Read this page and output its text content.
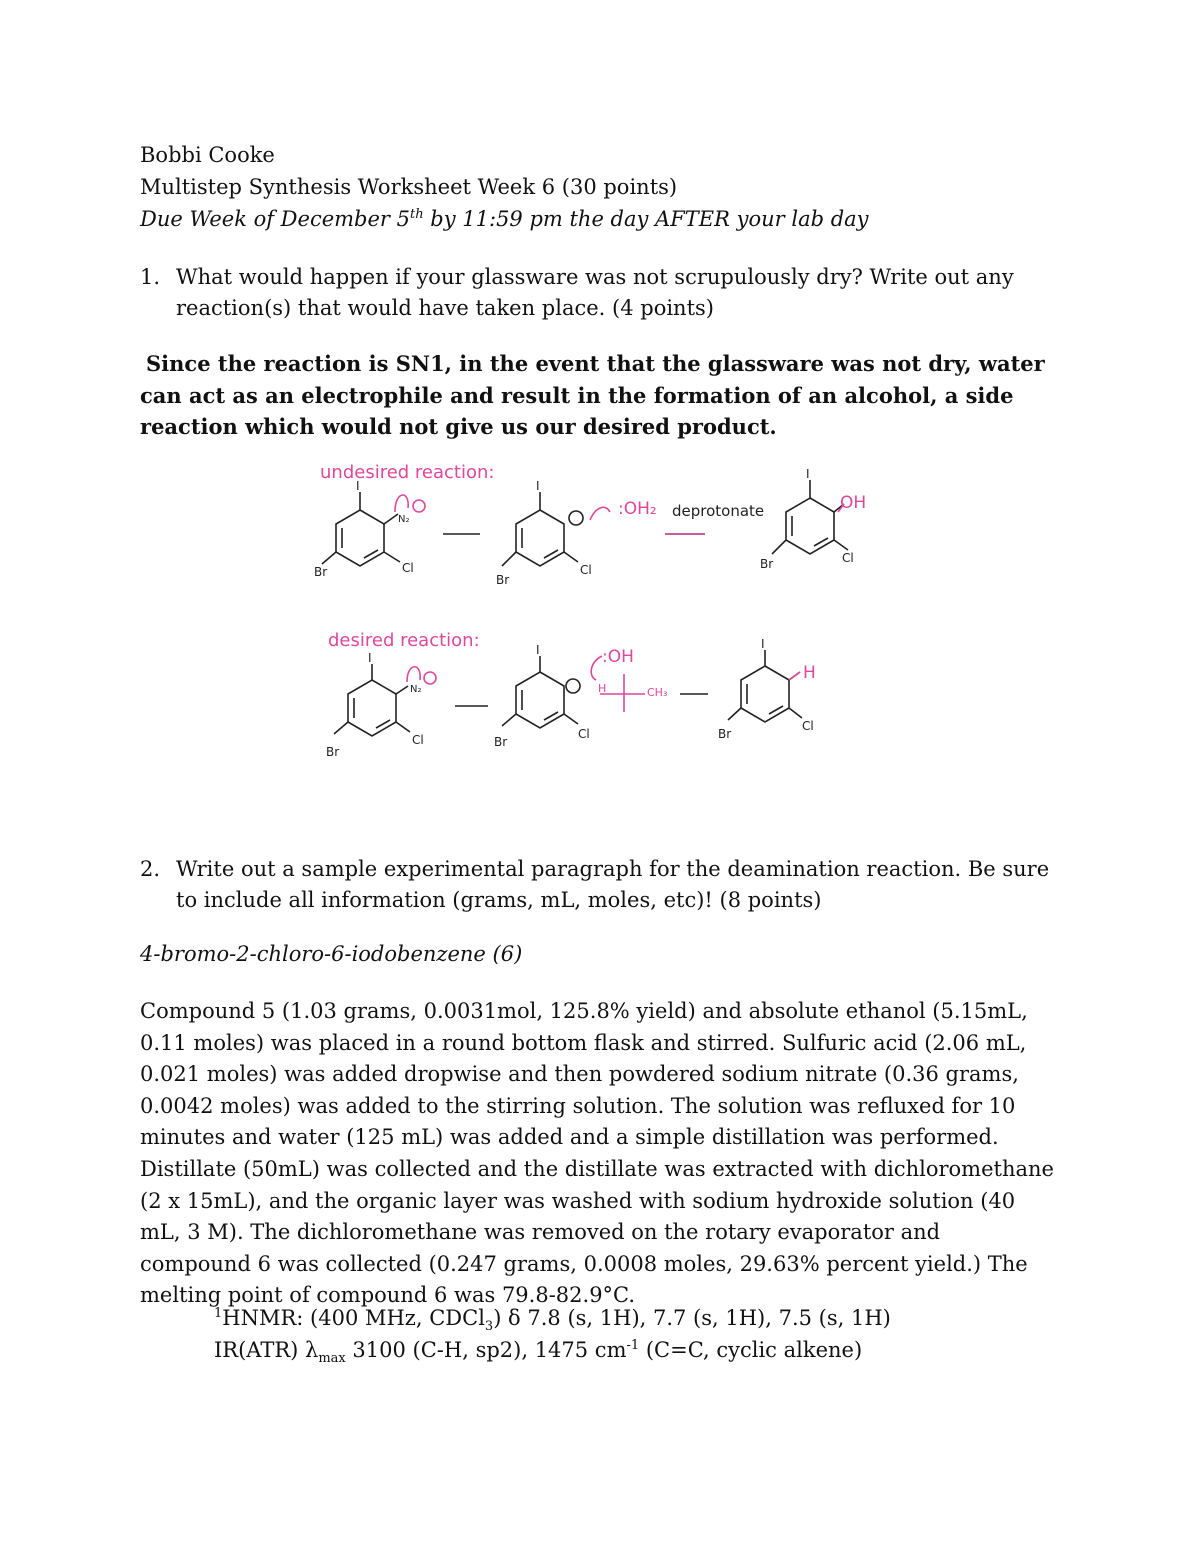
Bobbi Cooke
Multistep Synthesis Worksheet Week 6 (30 points)
Due Week of December 5th by 11:59 pm the day AFTER your lab day
1. What would happen if your glassware was not scrupulously dry? Write out any reaction(s) that would have taken place. (4 points)
Since the reaction is SN1, in the event that the glassware was not dry, water can act as an electrophile and result in the formation of an alcohol, a side reaction which would not give us our desired product.
undesired reaction:
:OH₂	OH
desired reaction:
:OH
H	CH₃
H
deprotonate
I
N₂
Br	Cl
I
Br
Cl
I
Br	Cl
I
N₂
Br
Cl
I
Br
Cl
I
Br
Cl
2. Write out a sample experimental paragraph for the deamination reaction. Be sure to include all information (grams, mL, moles, etc)! (8 points)
4-bromo-2-chloro-6-iodobenzene (6)
Compound 5 (1.03 grams, 0.0031mol, 125.8% yield) and absolute ethanol (5.15mL, 0.11 moles) was placed in a round bottom flask and stirred. Sulfuric acid (2.06 mL, 0.021 moles) was added dropwise and then powdered sodium nitrate (0.36 grams, 0.0042 moles) was added to the stirring solution. The solution was refluxed for 10 minutes and water (125 mL) was added and a simple distillation was performed. Distillate (50mL) was collected and the distillate was extracted with dichloromethane (2 x 15mL), and the organic layer was washed with sodium hydroxide solution (40 mL, 3 M). The dichloromethane was removed on the rotary evaporator and compound 6 was collected (0.247 grams, 0.0008 moles, 29.63% percent yield.) The melting point of compound 6 was 79.8-82.9°C.
$^1$HNMR: (400 MHz, CDCl$_3$) δ 7.8 (s, 1H), 7.7 (s, 1H), 7.5 (s, 1H)
IR(ATR) $\lambda_{max}$ 3100 (C-H, sp2), 1475 $cm^{-1}$ (C=C, cyclic alkene)
